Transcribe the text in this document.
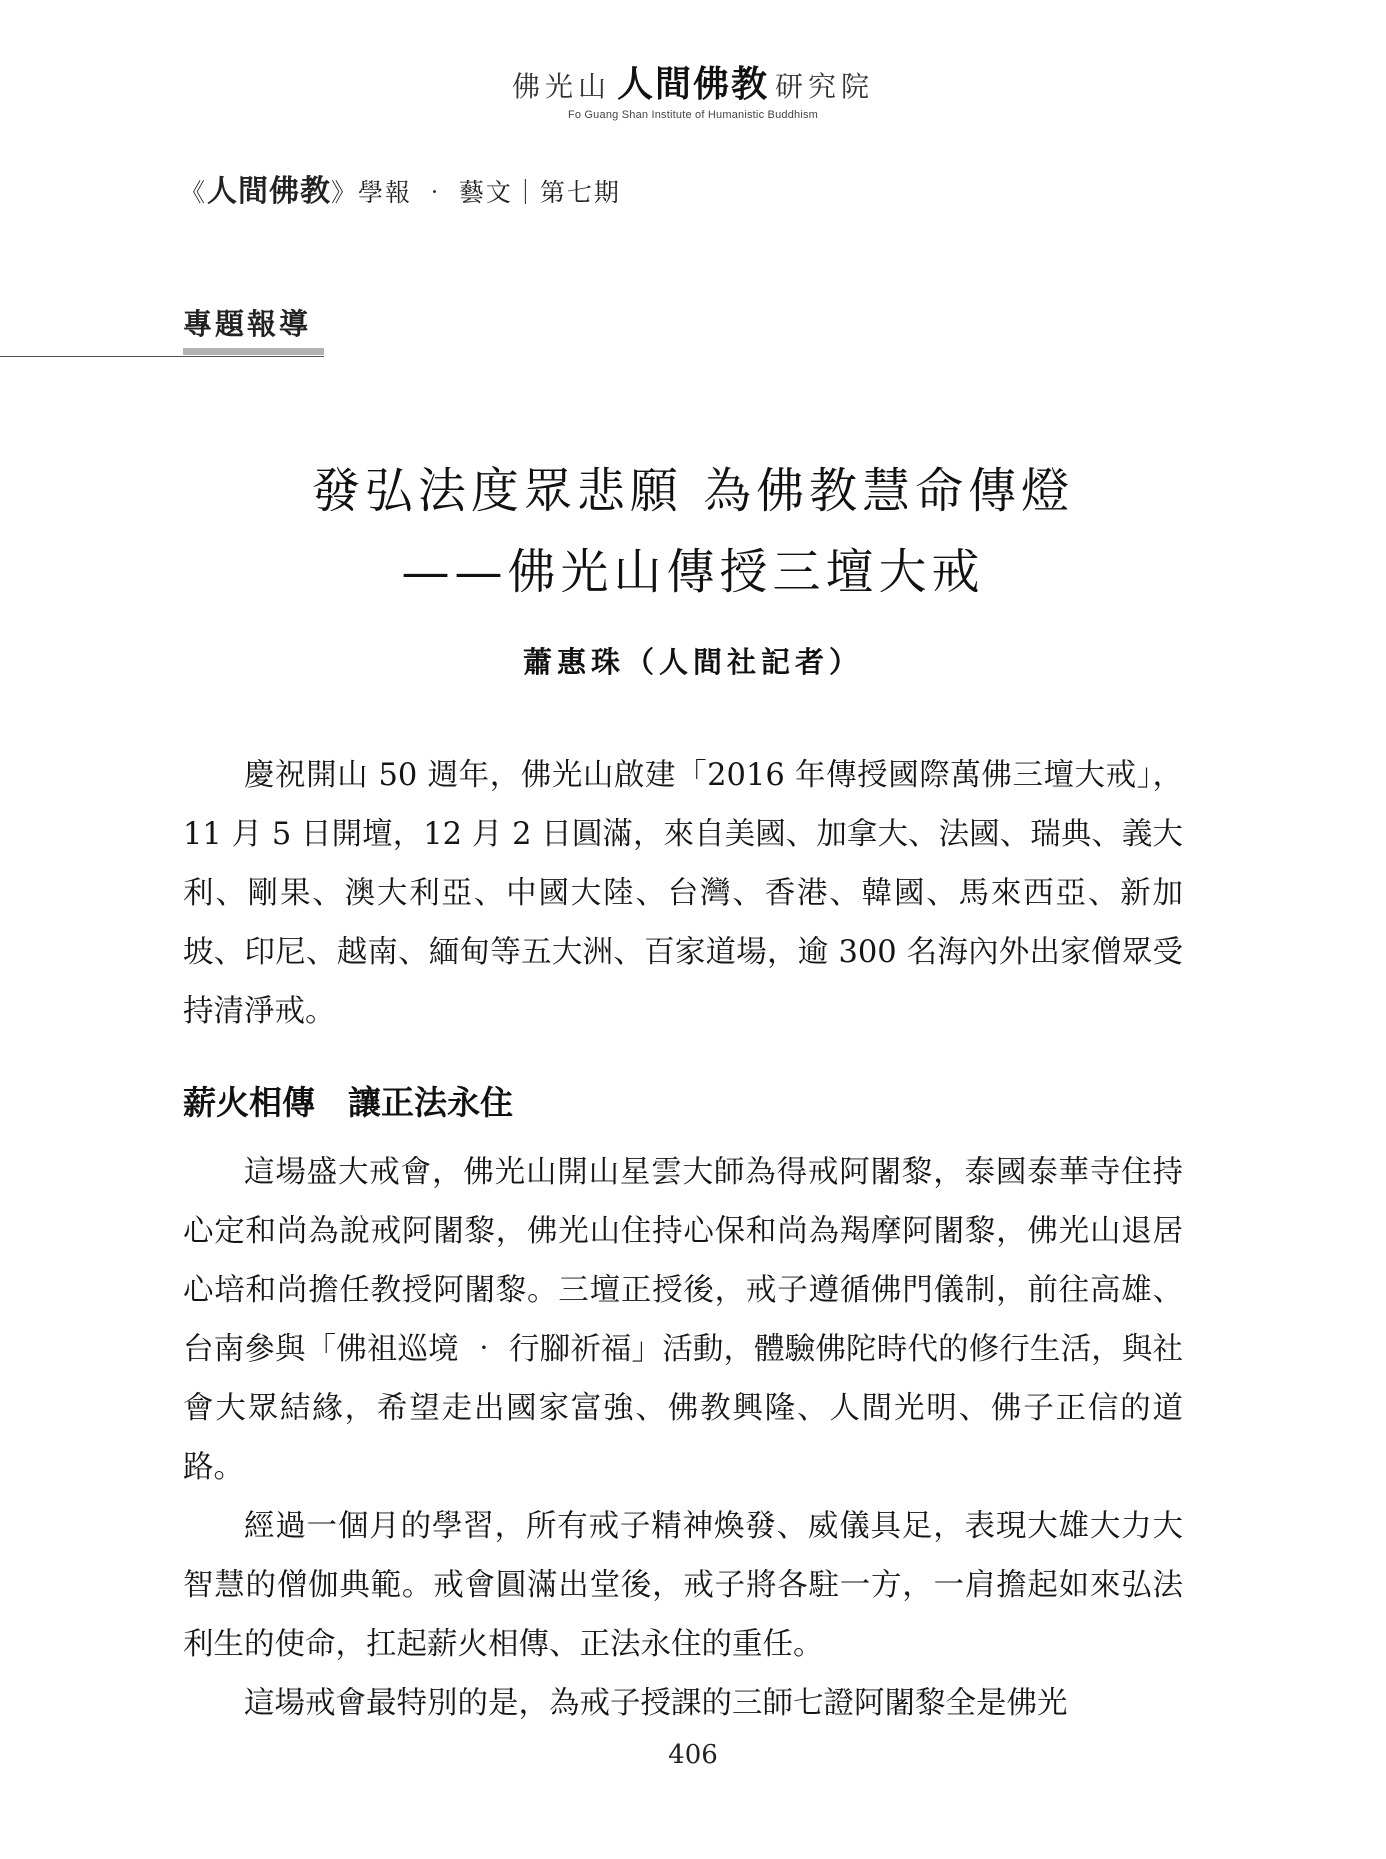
佛光山 人間佛教 研究院
Fo Guang Shan Institute of Humanistic Buddhism
《人間佛教》學報 ‧ 藝文｜第七期
專題報導
發弘法度眾悲願 為佛教慧命傳燈
——佛光山傳授三壇大戒
蕭惠珠（人間社記者）

慶祝開山 50 週年，佛光山啟建「2016 年傳授國際萬佛三壇大戒」，11 月 5 日開壇，12 月 2 日圓滿，來自美國、加拿大、法國、瑞典、義大利、剛果、澳大利亞、中國大陸、台灣、香港、韓國、馬來西亞、新加坡、印尼、越南、緬甸等五大洲、百家道場，逾 300 名海內外出家僧眾受持清淨戒。

薪火相傳　讓正法永住

這場盛大戒會，佛光山開山星雲大師為得戒阿闍黎，泰國泰華寺住持心定和尚為說戒阿闍黎，佛光山住持心保和尚為羯摩阿闍黎，佛光山退居心培和尚擔任教授阿闍黎。三壇正授後，戒子遵循佛門儀制，前往高雄、台南參與「佛祖巡境 ‧ 行腳祈福」活動，體驗佛陀時代的修行生活，與社會大眾結緣，希望走出國家富強、佛教興隆、人間光明、佛子正信的道路。

經過一個月的學習，所有戒子精神煥發、威儀具足，表現大雄大力大智慧的僧伽典範。戒會圓滿出堂後，戒子將各駐一方，一肩擔起如來弘法利生的使命，扛起薪火相傳、正法永住的重任。

這場戒會最特別的是，為戒子授課的三師七證阿闍黎全是佛光

406
